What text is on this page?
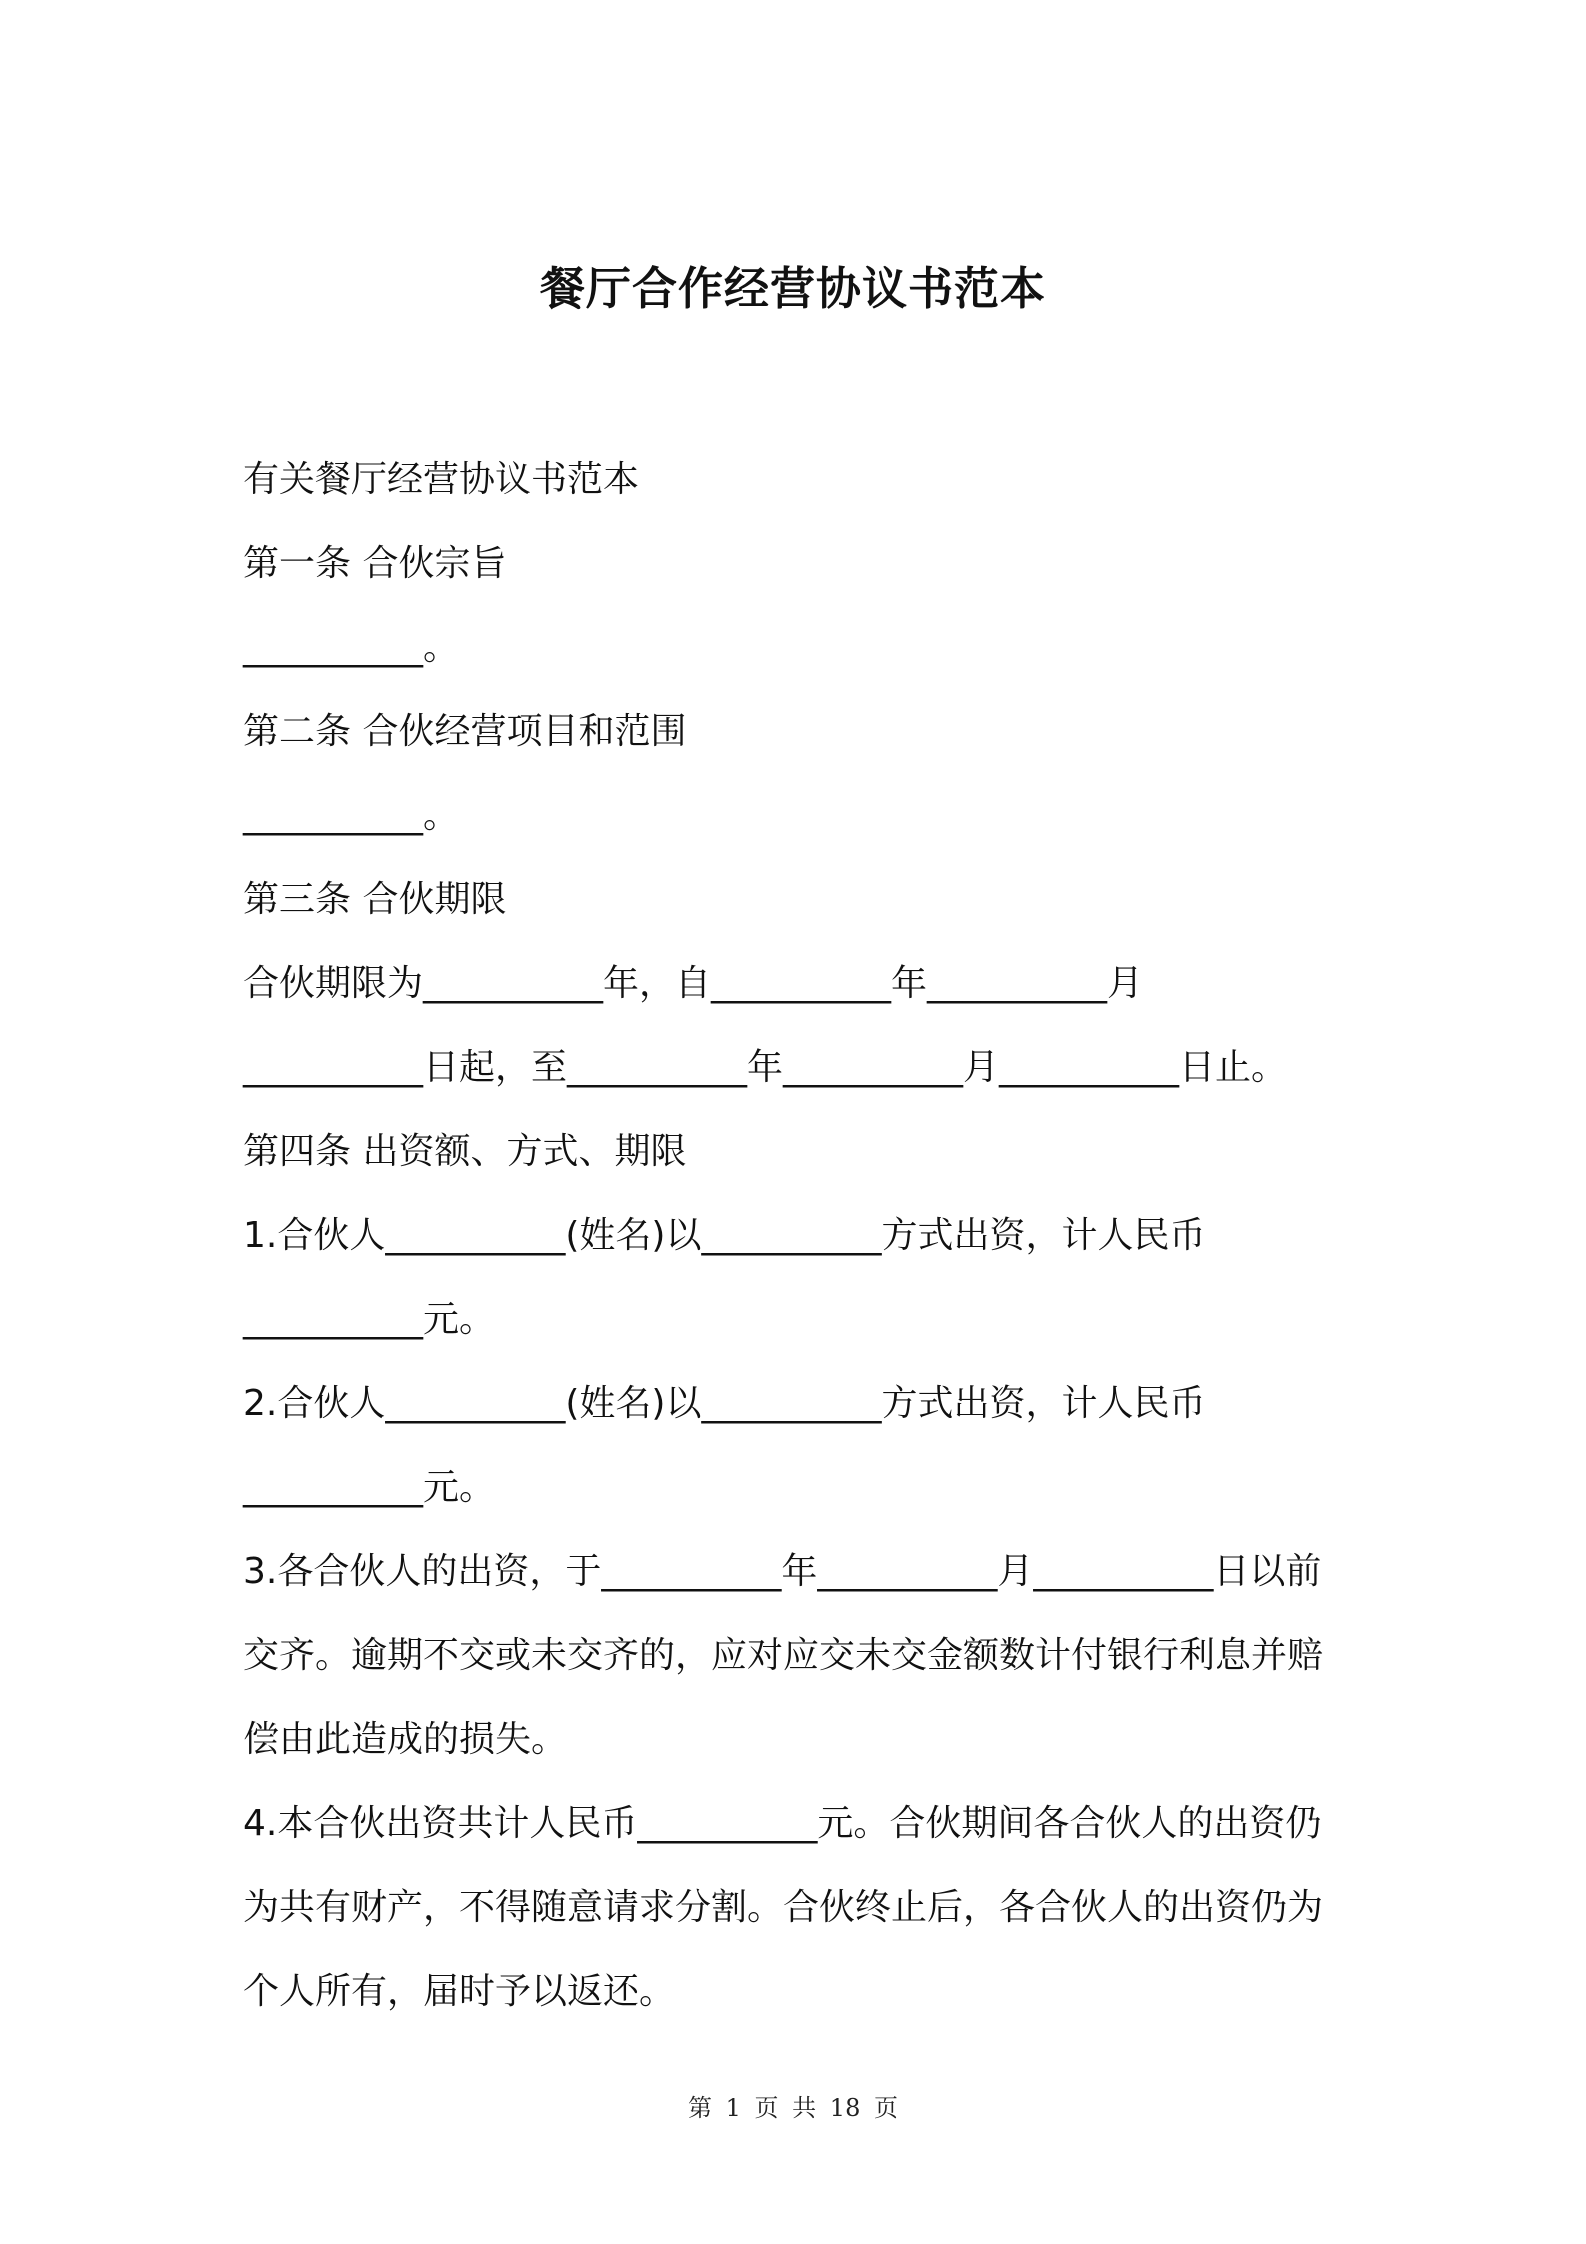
餐厅合作经营协议书范本
有关餐厅经营协议书范本
第一条 合伙宗旨
__________。
第二条 合伙经营项目和范围
__________。
第三条 合伙期限
合伙期限为__________年，自__________年__________月
__________日起，至__________年__________月__________日止。
第四条 出资额、方式、期限
1.合伙人__________(姓名)以__________方式出资，计人民币
__________元。
2.合伙人__________(姓名)以__________方式出资，计人民币
__________元。
3.各合伙人的出资，于__________年__________月__________日以前
交齐。逾期不交或未交齐的，应对应交未交金额数计付银行利息并赔
偿由此造成的损失。
4.本合伙出资共计人民币__________元。合伙期间各合伙人的出资仍
为共有财产，不得随意请求分割。合伙终止后，各合伙人的出资仍为
个人所有，届时予以返还。
第 1 页 共 18 页
